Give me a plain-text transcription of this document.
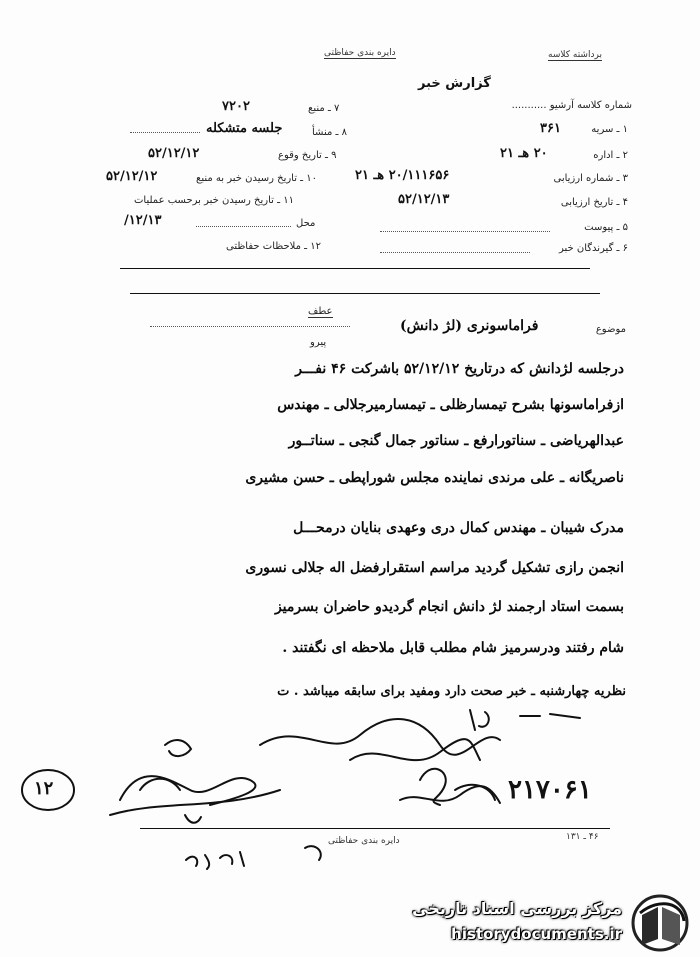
دایره بندی حفاظتی	برداشته کلاسه
گزارش خبر
شماره کلاسه آرشیو ...........
۱ ـ سریه
۳۶۱
۲ ـ اداره
۲۰ هـ ۲۱
۳ ـ شماره ارزیابی
۲۰/۱۱۱۶۵۶ هـ ۲۱
۴ ـ تاریخ ارزیابی
۵۲/۱۲/۱۳
۵ ـ پیوست
۶ ـ گیرندگان خبر
۷ ـ منبع
۷۲۰۲
۸ ـ منشأ
جلسه متشکله
۹ ـ تاریخ وقوع
۵۲/۱۲/۱۲
۱۰ ـ تاریخ رسیدن خبر به منبع
۵۲/۱۲/۱۲
۱۱ ـ تاریخ رسیدن خبر برحسب عملیات
محل
/۱۲/۱۳
۱۲ ـ ملاحظات حفاظتی
عطف
پیرو
موضوع
فراماسونری (لژ دانش)
درجلسه لژدانش که درتاریخ ۵۲/۱۲/۱۲ باشرکت ۴۶ نفـــر
ازفراماسونها بشرح تیمسارظلی ـ تیمسارمیرجلالی ـ مهندس
عبدالهریاضی ـ سناتورارفع ـ سناتور جمال گنجی ـ سناتــور
ناصریگانه ـ علی مرندی نماینده مجلس شوراپطی ـ حسن مشیری
مدرک شیبان ـ مهندس کمال دری وعهدی بنایان درمحـــل
انجمن رازی تشکیل گردید مراسم استقرارفضل اله جلالی نسوری
بسمت استاد ارجمند لژ دانش انجام گردیدو حاضران بسرمیز
شام رفتند ودرسرمیز شام مطلب قابل ملاحظه ای نگفتند .
نظریه چهارشنبه ـ خبر صحت دارد ومفید برای سابقه میباشد . ت
۲۱۷۰۶۱
۱۲
دایره بندی حفاظتی	۴۶ ـ ۱۳۱
مرکز بررسی اسناد تاریخی
historydocuments.ir
